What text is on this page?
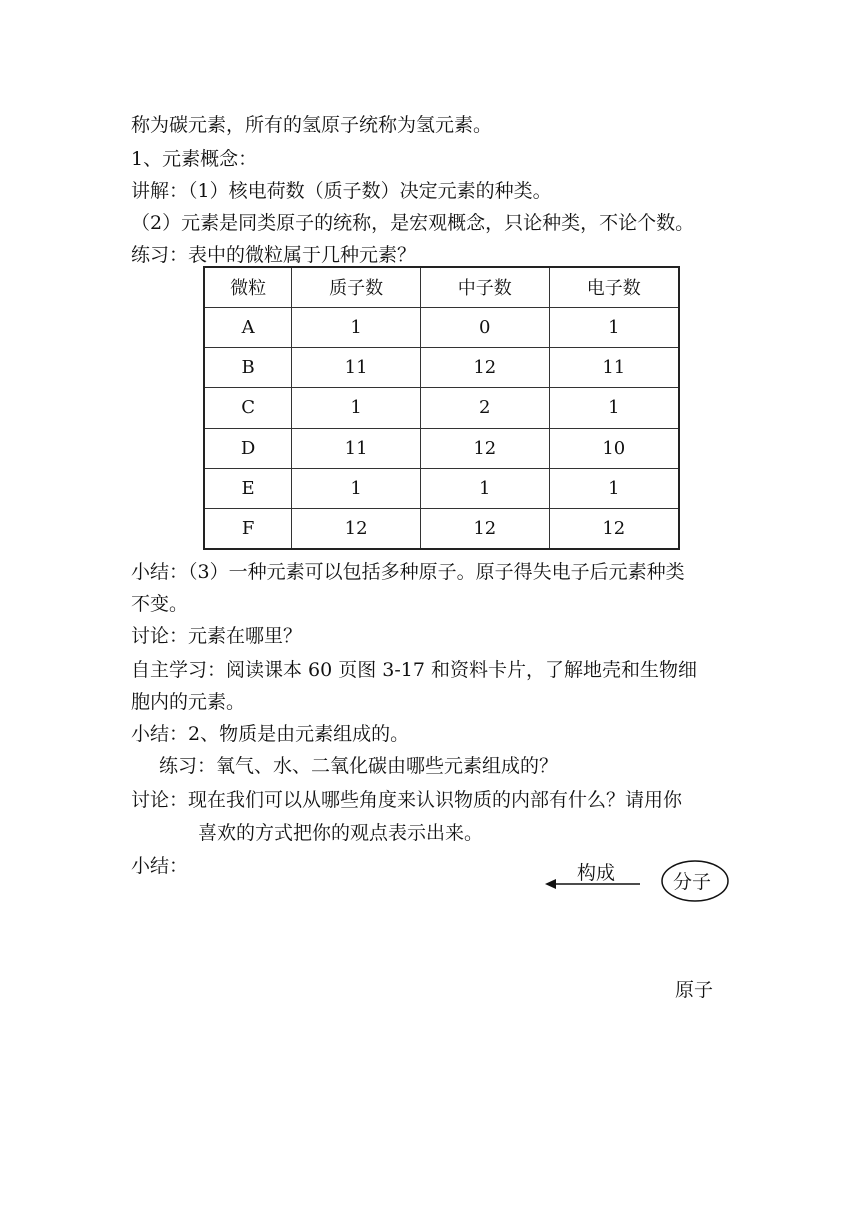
称为碳元素，所有的氢原子统称为氢元素。
1、元素概念：
讲解：（1）核电荷数（质子数）决定元素的种类。
（2）元素是同类原子的统称，是宏观概念，只论种类，不论个数。
练习：表中的微粒属于几种元素？
微粒	质子数	中子数	电子数
A	1	0	1
B	11	12	11
C	1	2	1
D	11	12	10
E	1	1	1
F	12	12	12
小结：（3）一种元素可以包括多种原子。原子得失电子后元素种类
不变。
讨论：元素在哪里？
自主学习：阅读课本 60 页图 3-17 和资料卡片，了解地壳和生物细
胞内的元素。
小结：2、物质是由元素组成的。
练习：氧气、水、二氧化碳由哪些元素组成的？
讨论：现在我们可以从哪些角度来认识物质的内部有什么？请用你
喜欢的方式把你的观点表示出来。
小结：	构成	分子
原子
